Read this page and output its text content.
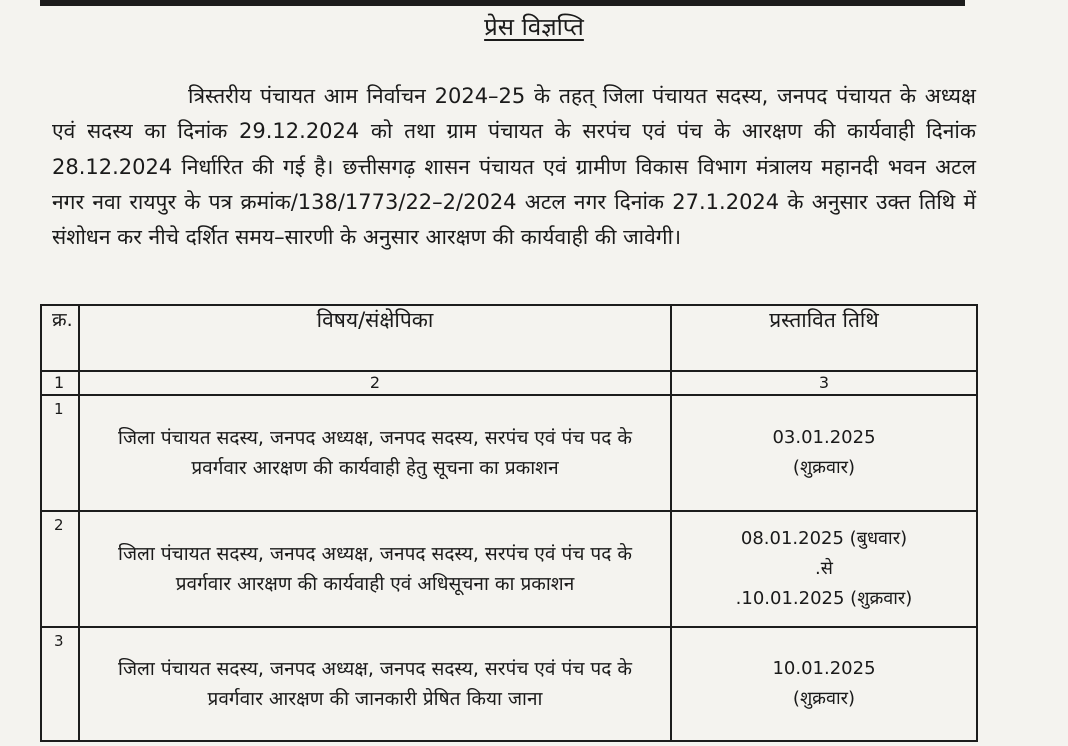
प्रेस विज्ञप्ति

त्रिस्तरीय पंचायत आम निर्वाचन 2024–25 के तहत् जिला पंचायत सदस्य, जनपद पंचायत के अध्यक्ष एवं सदस्य का दिनांक 29.12.2024 को तथा ग्राम पंचायत के सरपंच एवं पंच के आरक्षण की कार्यवाही दिनांक 28.12.2024 निर्धारित की गई है। छत्तीसगढ़ शासन पंचायत एवं ग्रामीण विकास विभाग मंत्रालय महानदी भवन अटल नगर नवा रायपुर के पत्र क्रमांक/138/1773/22–2/2024 अटल नगर दिनांक 27.1.2024 के अनुसार उक्त तिथि में संशोधन कर नीचे दर्शित समय–सारणी के अनुसार आरक्षण की कार्यवाही की जावेगी।

क्र.	विषय/संक्षेपिका	प्रस्तावित तिथि
1	2	3
1	जिला पंचायत सदस्य, जनपद अध्यक्ष, जनपद सदस्य, सरपंच एवं पंच पद के प्रवर्गवार आरक्षण की कार्यवाही हेतु सूचना का प्रकाशन	03.01.2025
(शुक्रवार)

2	जिला पंचायत सदस्य, जनपद अध्यक्ष, जनपद सदस्य, सरपंच एवं पंच पद के प्रवर्गवार आरक्षण की कार्यवाही एवं अधिसूचना का प्रकाशन	08.01.2025 (बुधवार)
.से
.10.01.2025 (शुक्रवार)

3	जिला पंचायत सदस्य, जनपद अध्यक्ष, जनपद सदस्य, सरपंच एवं पंच पद के प्रवर्गवार आरक्षण की जानकारी प्रेषित किया जाना	10.01.2025
(शुक्रवार)
